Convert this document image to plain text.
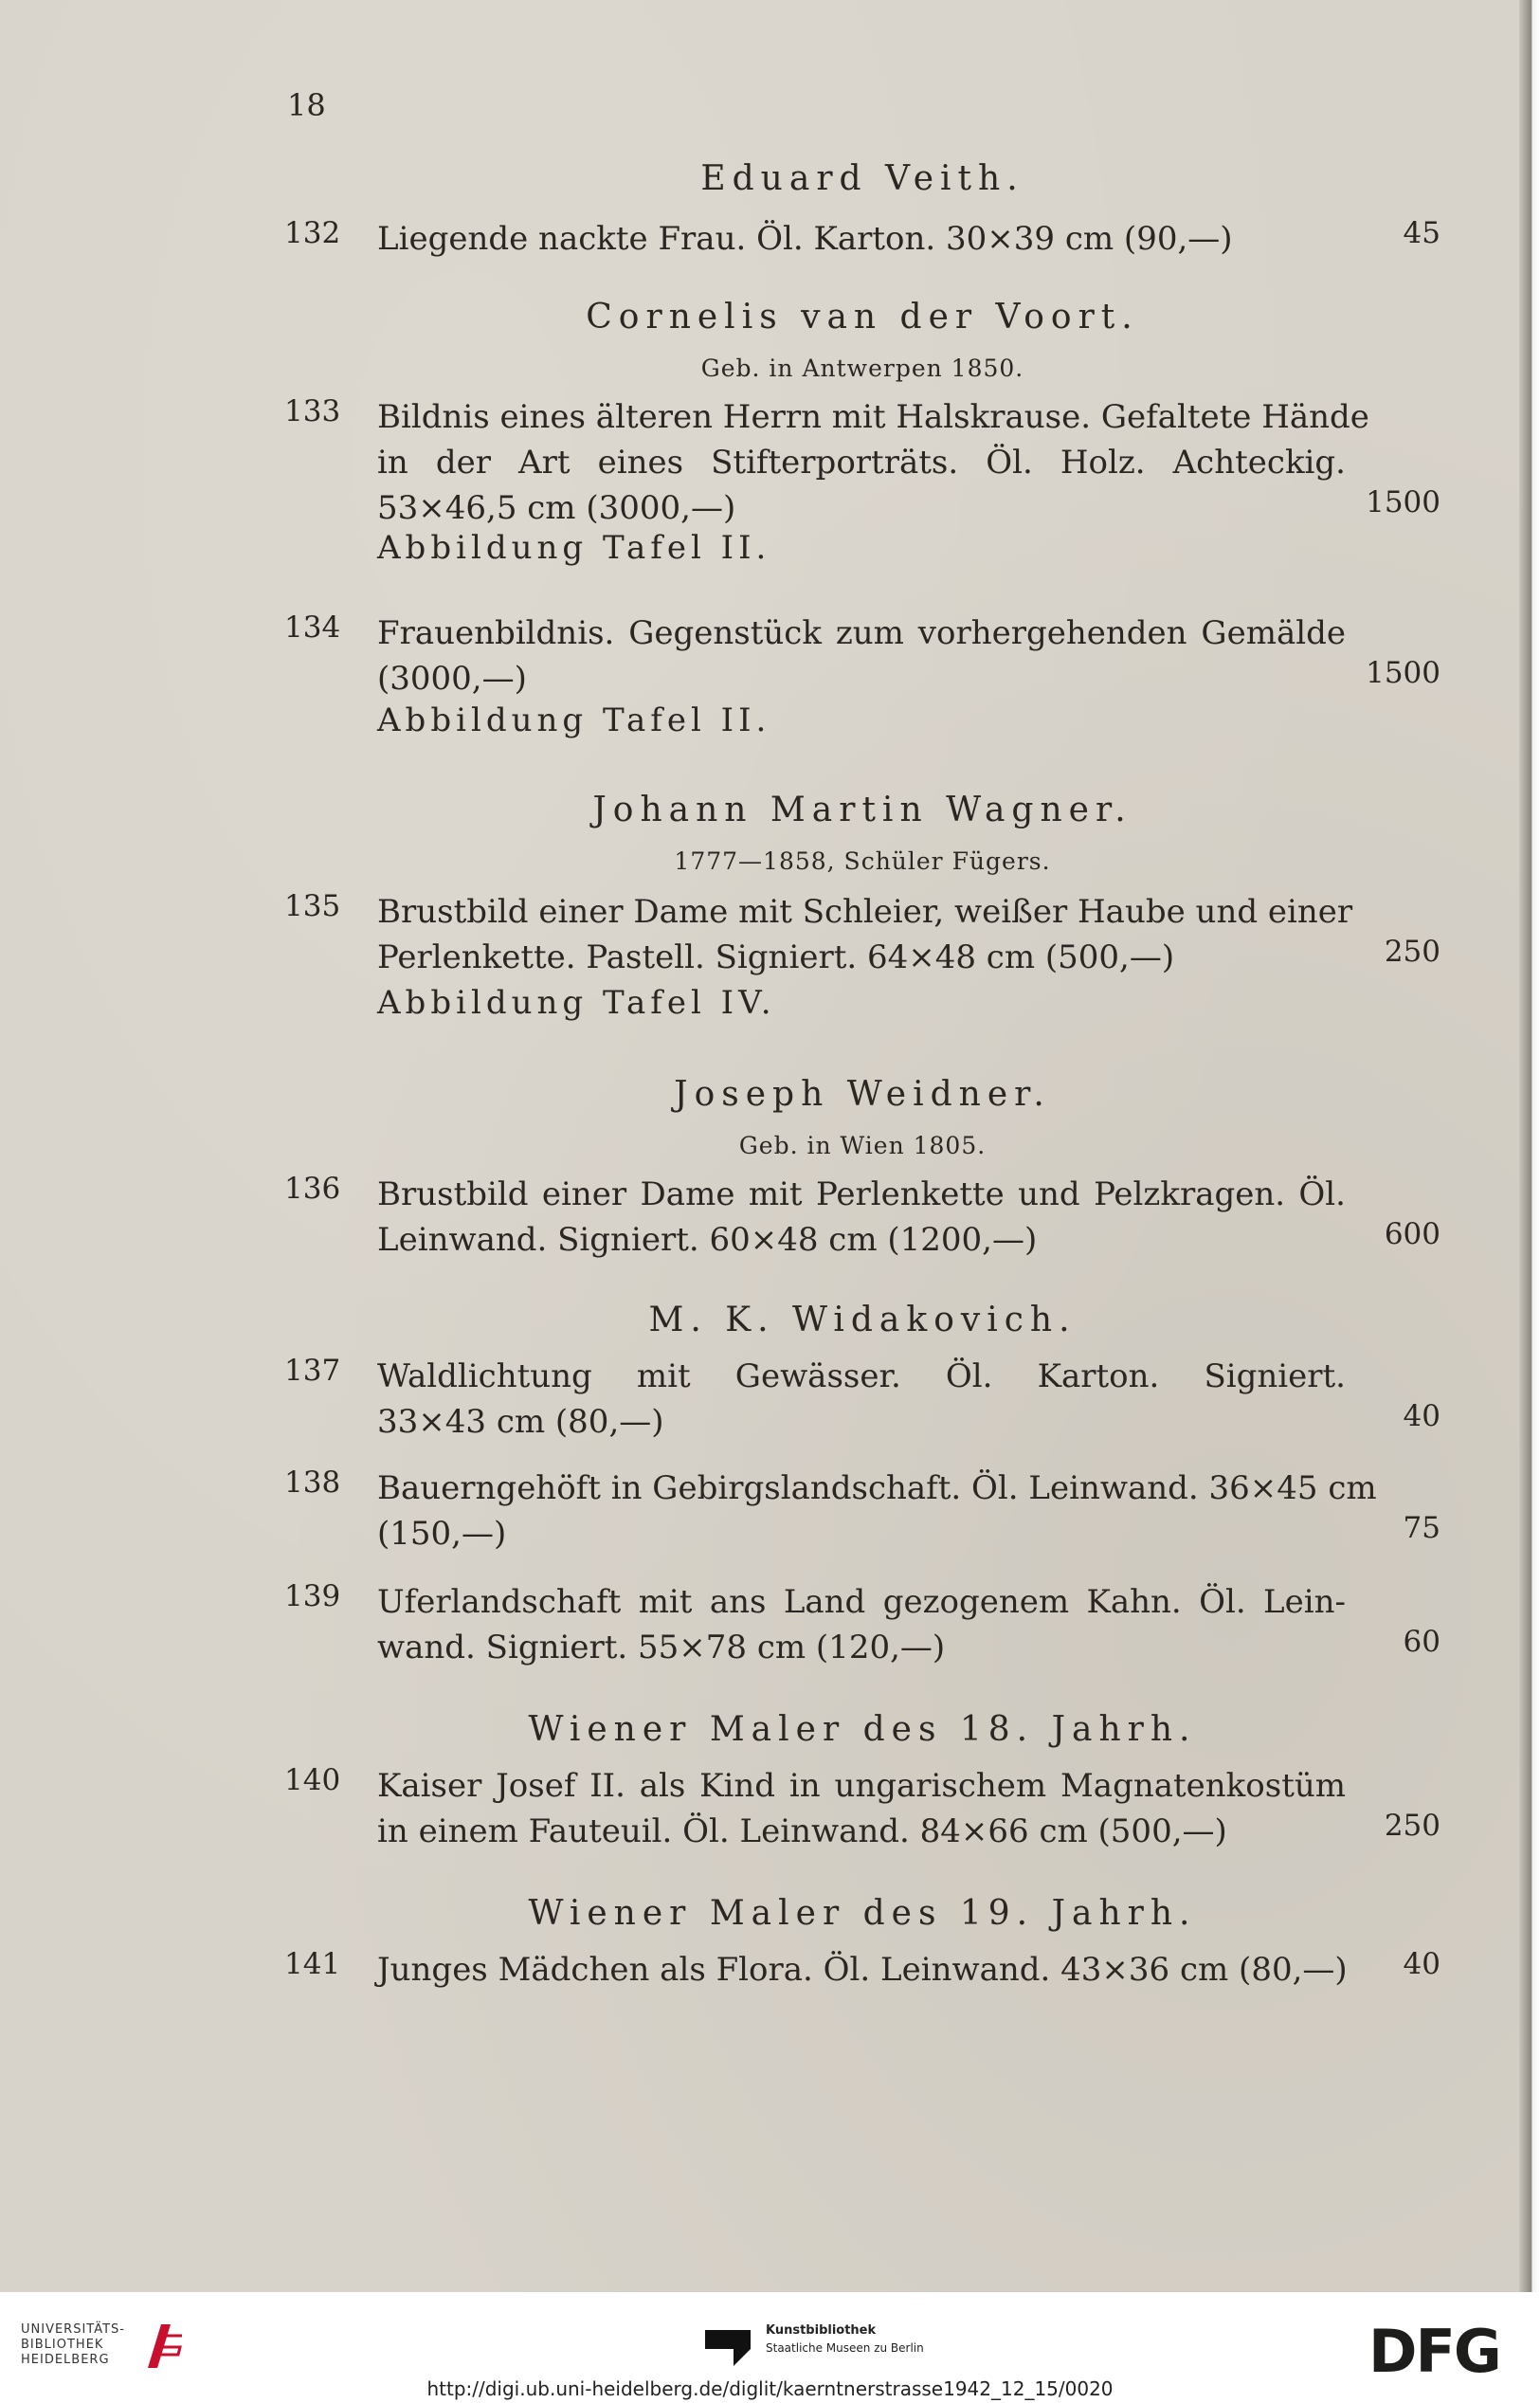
18
Eduard Veith.
132 Liegende nackte Frau. Öl. Karton. 30×39 cm (90,—)	45
Cornelis van der Voort.
Geb. in Antwerpen 1850.
133 Bildnis eines älteren Herrn mit Halskrause. Gefaltete Hände
in der Art eines Stifterporträts. Öl. Holz. Achteckig.
53×46,5 cm (3000,—)	1500
Abbildung Tafel II.
134 Frauenbildnis. Gegenstück zum vorhergehenden Gemälde
(3000,—)	1500
Abbildung Tafel II.
Johann Martin Wagner.
1777—1858, Schüler Fügers.
135 Brustbild einer Dame mit Schleier, weißer Haube und einer
Perlenkette. Pastell. Signiert. 64×48 cm (500,—)	250
Abbildung Tafel IV.
Joseph Weidner.
Geb. in Wien 1805.
136 Brustbild einer Dame mit Perlenkette und Pelzkragen. Öl.
Leinwand. Signiert. 60×48 cm (1200,—)	600
M. K. Widakovich.
137 Waldlichtung mit Gewässer. Öl. Karton. Signiert.
33×43 cm (80,—)	40
138 Bauerngehöft in Gebirgslandschaft. Öl. Leinwand. 36×45 cm
(150,—)	75
139 Uferlandschaft mit ans Land gezogenem Kahn. Öl. Lein-
wand. Signiert. 55×78 cm (120,—)	60
Wiener Maler des 18. Jahrh.
140 Kaiser Josef II. als Kind in ungarischem Magnatenkostüm
in einem Fauteuil. Öl. Leinwand. 84×66 cm (500,—)	250
Wiener Maler des 19. Jahrh.
141 Junges Mädchen als Flora. Öl. Leinwand. 43×36 cm (80,—) 40
UNIVERSITÄTS-
BIBLIOTHEK
HEIDELBERG
Kunstbibliothek
Staatliche Museen zu Berlin	DFG
http://digi.ub.uni-heidelberg.de/diglit/kaerntnerstrasse1942_12_15/0020
